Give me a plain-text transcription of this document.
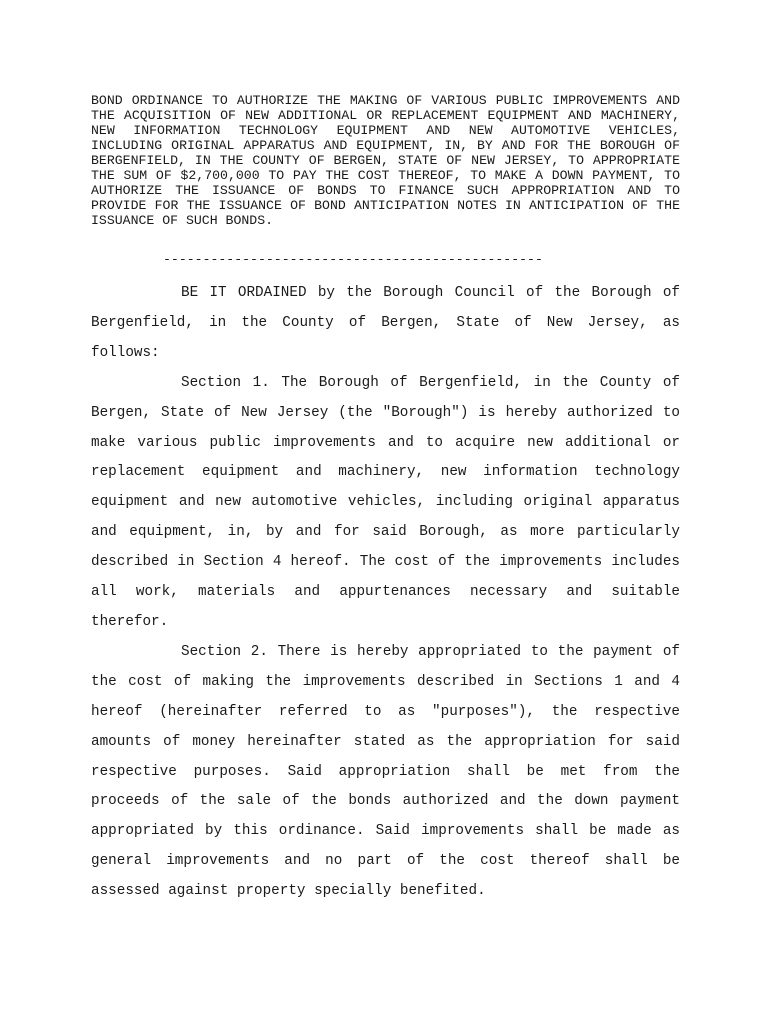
BOND ORDINANCE TO AUTHORIZE THE MAKING OF VARIOUS PUBLIC IMPROVEMENTS AND THE ACQUISITION OF NEW ADDITIONAL OR REPLACEMENT EQUIPMENT AND MACHINERY, NEW INFORMATION TECHNOLOGY EQUIPMENT AND NEW AUTOMOTIVE VEHICLES, INCLUDING ORIGINAL APPARATUS AND EQUIPMENT, IN, BY AND FOR THE BOROUGH OF BERGENFIELD, IN THE COUNTY OF BERGEN, STATE OF NEW JERSEY, TO APPROPRIATE THE SUM OF $2,700,000 TO PAY THE COST THEREOF, TO MAKE A DOWN PAYMENT, TO AUTHORIZE THE ISSUANCE OF BONDS TO FINANCE SUCH APPROPRIATION AND TO PROVIDE FOR THE ISSUANCE OF BOND ANTICIPATION NOTES IN ANTICIPATION OF THE ISSUANCE OF SUCH BONDS.

------------------------------------------------

BE IT ORDAINED by the Borough Council of the Borough of Bergenfield, in the County of Bergen, State of New Jersey, as follows:

Section 1. The Borough of Bergenfield, in the County of Bergen, State of New Jersey (the "Borough") is hereby authorized to make various public improvements and to acquire new additional or replacement equipment and machinery, new information technology equipment and new automotive vehicles, including original apparatus and equipment, in, by and for said Borough, as more particularly described in Section 4 hereof. The cost of the improvements includes all work, materials and appurtenances necessary and suitable therefor.

Section 2. There is hereby appropriated to the payment of the cost of making the improvements described in Sections 1 and 4 hereof (hereinafter referred to as "purposes"), the respective amounts of money hereinafter stated as the appropriation for said respective purposes. Said appropriation shall be met from the proceeds of the sale of the bonds authorized and the down payment appropriated by this ordinance. Said improvements shall be made as general improvements and no part of the cost thereof shall be assessed against property specially benefited.
